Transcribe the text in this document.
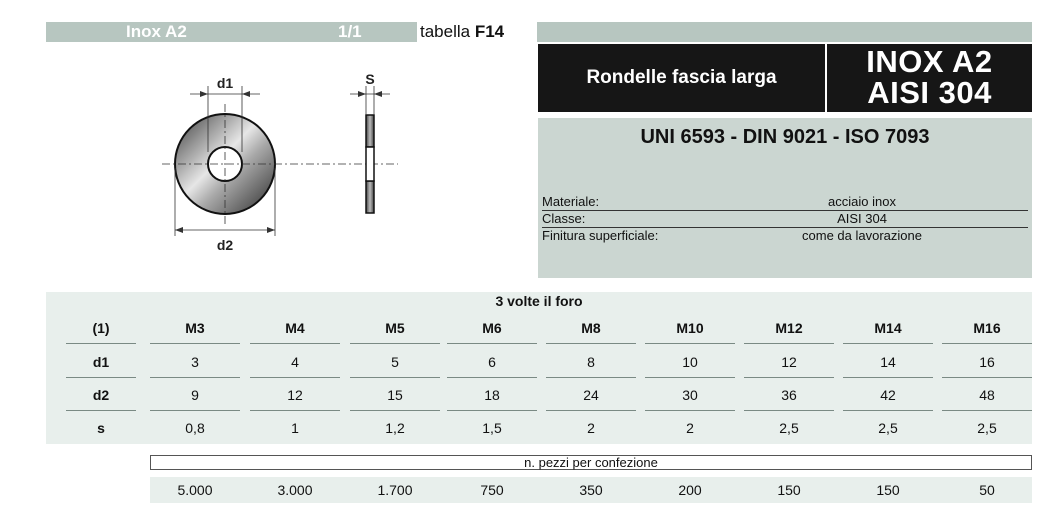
Inox A2	1/1	tabella F14
d1
d2
S	Rondelle fascia larga	INOX A2
AISI 304
UNI 6593 - DIN 9021 - ISO 7093
Materiale:	acciaio inox
Classe:	AISI 304
Finitura superficiale:	come da lavorazione
3 volte il foro
(1)	M3	M4	M5	M6	M8	M10	M12	M14	M16
d1	3	4	5	6	8	10	12	14	16
d2	9	12	15	18	24	30	36	42	48
s	0,8	1	1,2	1,5	2	2	2,5	2,5	2,5
n. pezzi per confezione
5.000	3.000	1.700	750	350	200	150	150	50
